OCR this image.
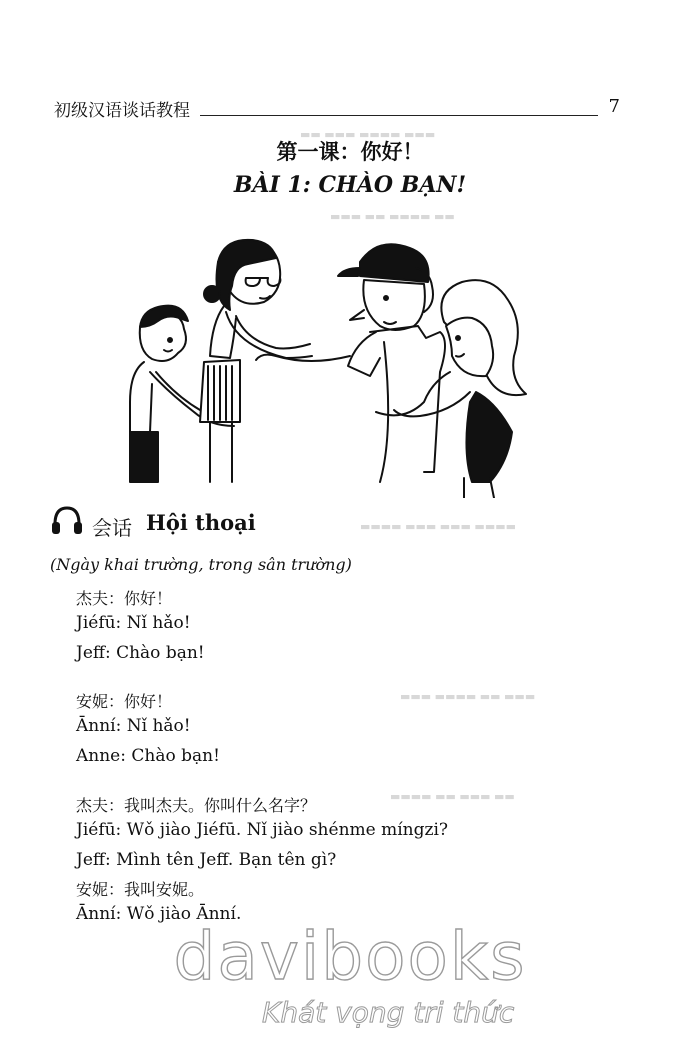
初级汉语谈话教程	7
▬▬ ▬▬▬ ▬▬▬▬ ▬▬▬
▬▬▬ ▬▬ ▬▬▬▬ ▬▬
▬▬▬▬ ▬▬▬ ▬▬▬ ▬▬▬▬
▬▬▬ ▬▬▬▬ ▬▬ ▬▬▬
▬▬▬▬ ▬▬ ▬▬▬ ▬▬
第一课：你好！
BÀI 1: CHÀO BẠN!
会话 Hội thoại
(Ngày khai trường, trong sân trường)
杰夫：你好！
Jiéfū: Nǐ hǎo!
Jeff: Chào bạn!
安妮：你好！
Ānní: Nǐ hǎo!
Anne: Chào bạn!
杰夫：我叫杰夫。你叫什么名字？
Jiéfū: Wǒ jiào Jiéfū. Nǐ jiào shénme míngzi?
Jeff: Mình tên Jeff. Bạn tên gì?
安妮：我叫安妮。
Ānní: Wǒ jiào Ānní.
davibooks
Khát vọng tri thức
